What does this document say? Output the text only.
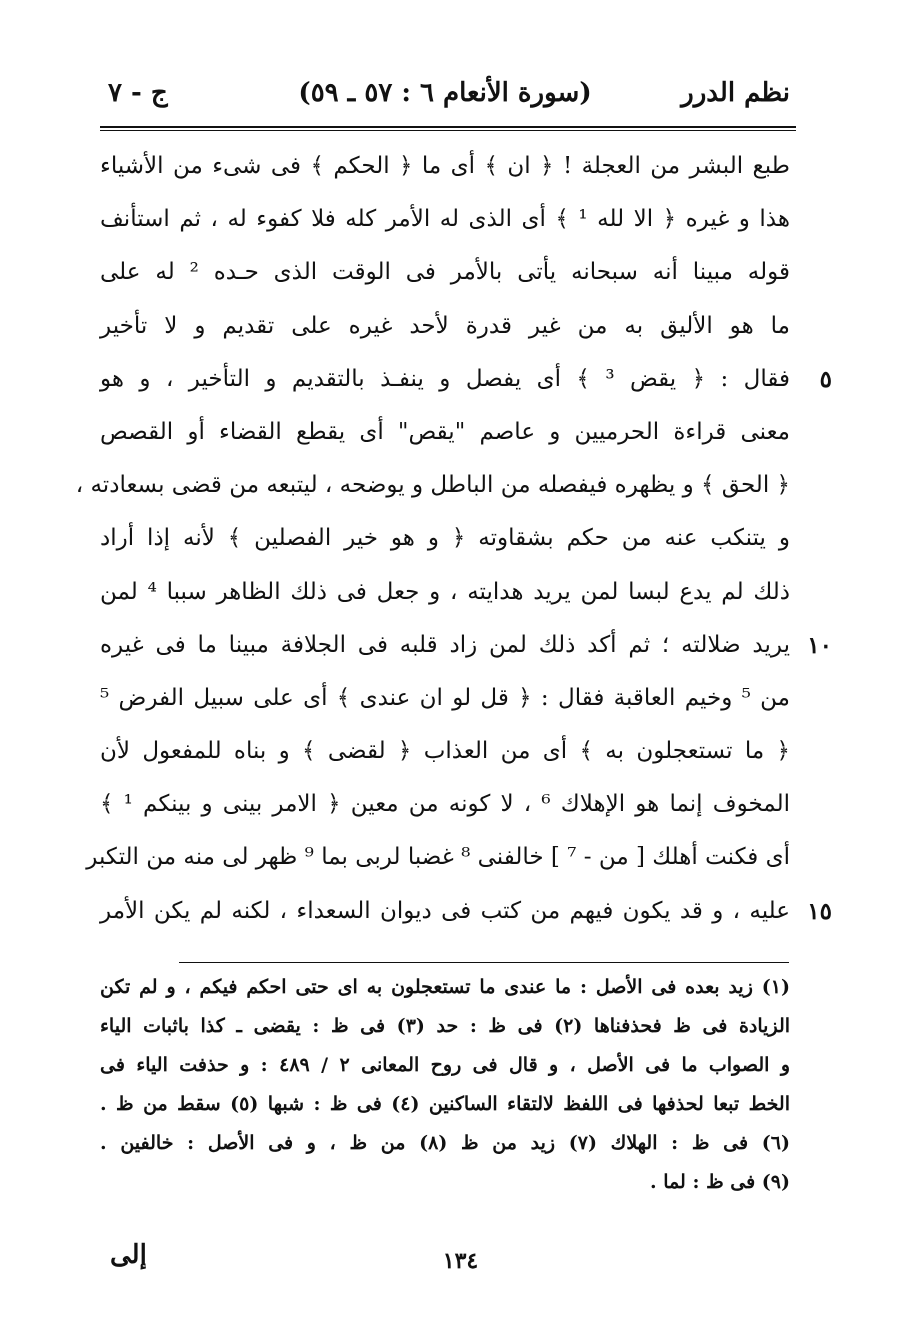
نظم الدرر
(سورة الأنعام ٦ : ٥٧ ـ ٥٩)
ج - ٧
طبع البشر من العجلة ! ﴿ ان ﴾ أى ما ﴿ الحكم ﴾ فى شىء من الأشياء
هذا و غيره ﴿ الا لله ¹ ﴾ أى الذى له الأمر كله فلا كفوء له ، ثم استأنف
قوله مبينا أنه سبحانه يأتى بالأمر فى الوقت الذى حـده ² له على
ما هو الأليق به من غير قدرة لأحد غيره على تقديم و لا تأخير
فقال : ﴿ يقض ³ ﴾ أى يفصل و ينفـذ بالتقديم و التأخير ، و هو ٥
معنى قراءة الحرميين و عاصم "يقص" أى يقطع القضاء أو القصص
﴿ الحق ﴾ و يظهره فيفصله من الباطل و يوضحه ، ليتبعه من قضى بسعادته ،
و يتنكب عنه من حكم بشقاوته ﴿ و هو خير الفصلين ﴾ لأنه إذا أراد
ذلك لم يدع لبسا لمن يريد هدايته ، و جعل فى ذلك الظاهر سببا ⁴ لمن
يريد ضلالته ؛ ثم أكد ذلك لمن زاد قلبه فى الجلافة مبينا ما فى غيره ١٠
من ⁵ وخيم العاقبة فقال : ﴿ قل لو ان عندى ﴾ أى على سبيل الفرض ⁵
﴿ ما تستعجلون به ﴾ أى من العذاب ﴿ لقضى ﴾ و بناه للمفعول لأن
المخوف إنما هو الإهلاك ⁶ ، لا كونه من معين ﴿ الامر بينى و بينكم ¹ ﴾
أى فكنت أهلك [ من - ⁷ ] خالفنى ⁸ غضبا لربى بما ⁹ ظهر لى منه من التكبر
عليه ، و قد يكون فيهم من كتب فى ديوان السعداء ، لكنه لم يكن الأمر ١٥
(١) زيد بعده فى الأصل : ما عندى ما تستعجلون به اى حتى احكم فيكم ، و لم تكن
الزيادة فى ظ فحذفناها (٢) فى ظ : حد (٣) فى ظ : يقضى ـ كذا باثبات الياء
و الصواب ما فى الأصل ، و قال فى روح المعانى ٢ / ٤٨٩ : و حذفت الياء فى
الخط تبعا لحذفها فى اللفظ لالتقاء الساكنين (٤) فى ظ : شبها (٥) سقط من ظ .
(٦) فى ظ : الهلاك (٧) زيد من ظ (٨) من ظ ، و فى الأصل : خالفين .
(٩) فى ظ : لما .
١٣٤
إلى
